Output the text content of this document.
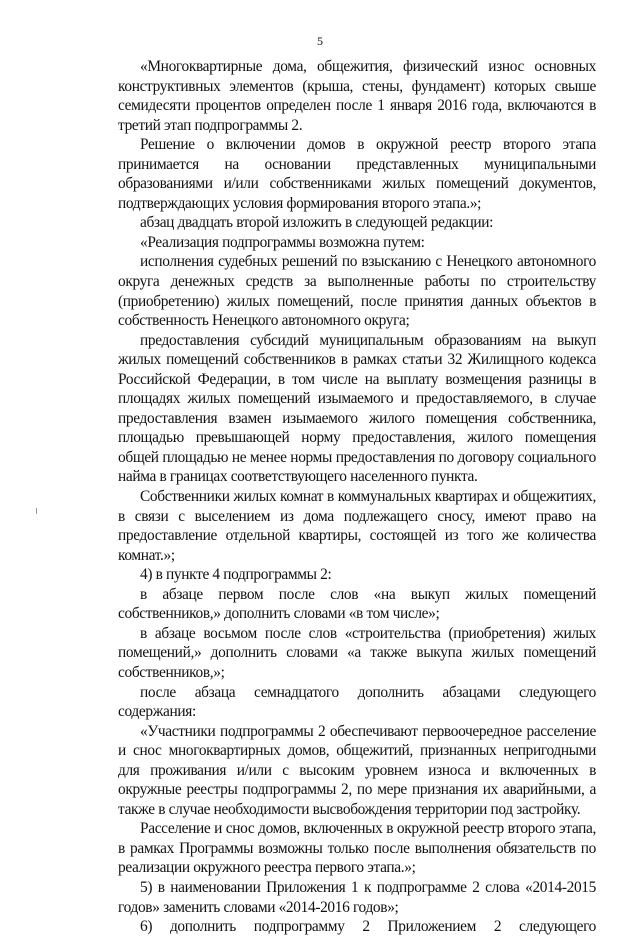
5

«Многоквартирные дома, общежития, физический износ основных конструктивных элементов (крыша, стены, фундамент) которых свыше семидесяти процентов определен после 1 января 2016 года, включаются в третий этап подпрограммы 2.

Решение о включении домов в окружной реестр второго этапа принимается на основании представленных муниципальными образованиями и/или собственниками жилых помещений документов, подтверждающих условия формирования второго этапа.»;

абзац двадцать второй изложить в следующей редакции:

«Реализация подпрограммы возможна путем:

исполнения судебных решений по взысканию с Ненецкого автономного округа денежных средств за выполненные работы по строительству (приобретению) жилых помещений, после принятия данных объектов в собственность Ненецкого автономного округа;

предоставления субсидий муниципальным образованиям на выкуп жилых помещений собственников в рамках статьи 32 Жилищного кодекса Российской Федерации, в том числе на выплату возмещения разницы в площадях жилых помещений изымаемого и предоставляемого, в случае предоставления взамен изымаемого жилого помещения собственника, площадью превышающей норму предоставления, жилого помещения общей площадью не менее нормы предоставления по договору социального найма в границах соответствующего населенного пункта.

Собственники жилых комнат в коммунальных квартирах и общежитиях, в связи с выселением из дома подлежащего сносу, имеют право на предоставление отдельной квартиры, состоящей из того же количества комнат.»;

4) в пункте 4 подпрограммы 2:

в абзаце первом после слов «на выкуп жилых помещений собственников,» дополнить словами «в том числе»;

в абзаце восьмом после слов «строительства (приобретения) жилых помещений,» дополнить словами «а также выкупа жилых помещений собственников,»;

после абзаца семнадцатого дополнить абзацами следующего содержания:

«Участники подпрограммы 2 обеспечивают первоочередное расселение и снос многоквартирных домов, общежитий, признанных непригодными для проживания и/или с высоким уровнем износа и включенных в окружные реестры подпрограммы 2, по мере признания их аварийными, а также в случае необходимости высвобождения территории под застройку.

Расселение и снос домов, включенных в окружной реестр второго этапа, в рамках Программы возможны только после выполнения обязательств по реализации окружного реестра первого этапа.»;

5) в наименовании Приложения 1 к подпрограмме 2 слова «2014-2015 годов» заменить словами «2014-2016 годов»;

6) дополнить подпрограмму 2 Приложением 2 следующего
